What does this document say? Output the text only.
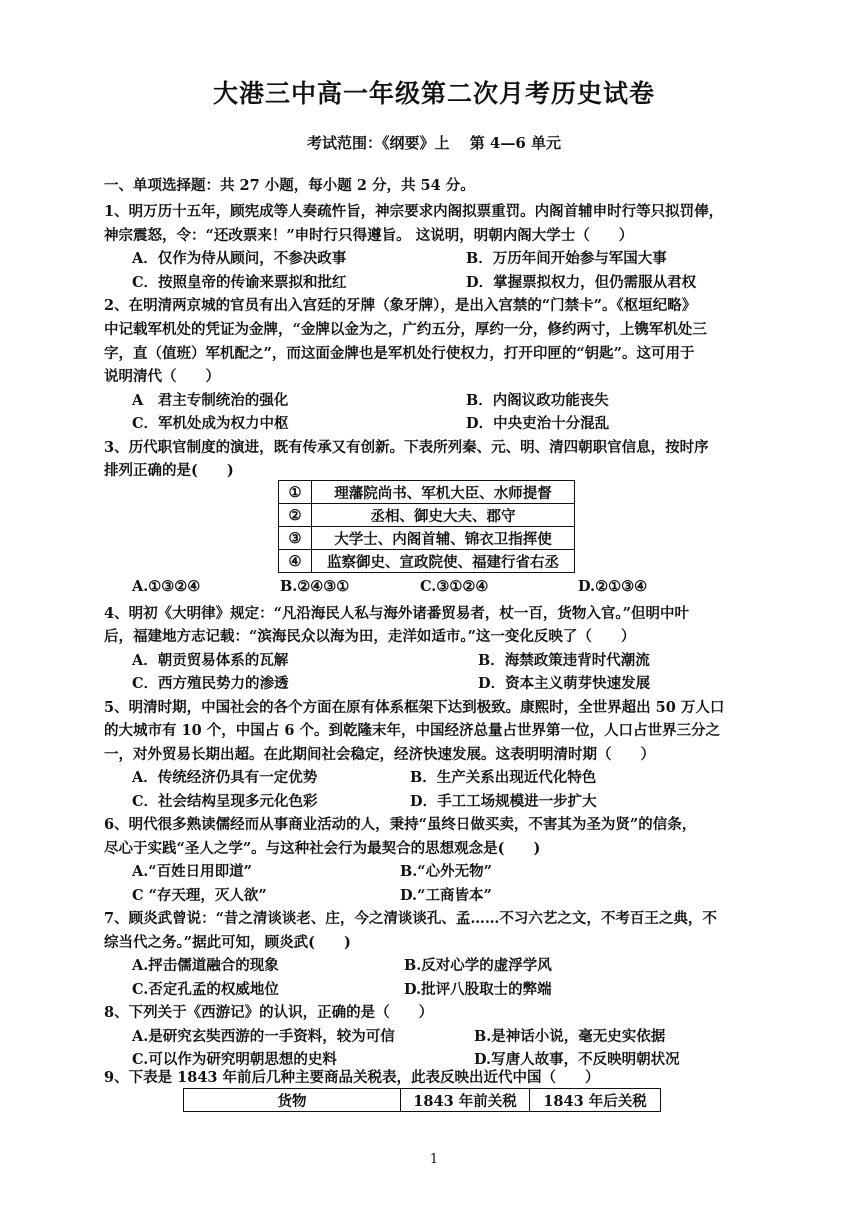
大港三中高一年级第二次月考历史试卷
考试范围：《纲要》上　 第 4—6 单元
一、单项选择题：共 27 小题，每小题 2 分，共 54 分。
1、明万历十五年，顾宪成等人奏疏忤旨，神宗要求内阁拟票重罚。内阁首辅申时行等只拟罚俸，
神宗震怒，令：“还改票来！”申时行只得遵旨。 这说明，明朝内阁大学士（　　）
A．仅作为侍从顾问，不参决政事	B．万历年间开始参与军国大事
C．按照皇帝的传谕来票拟和批红	D．掌握票拟权力，但仍需服从君权
2、在明清两京城的官员有出入宫廷的牙牌（象牙牌），是出入宫禁的“门禁卡”。《枢垣纪略》
中记载军机处的凭证为金牌，“金牌以金为之，广约五分，厚约一分，修约两寸，上镌军机处三
字，直（值班）军机配之”，而这面金牌也是军机处行使权力，打开印匣的“钥匙”。这可用于
说明清代（　　）
A　君主专制统治的强化	B．内阁议政功能丧失
C．军机处成为权力中枢	D．中央吏治十分混乱
3、历代职官制度的演进，既有传承又有创新。下表所列秦、元、明、清四朝职官信息，按时序
排列正确的是(　　)
①	理藩院尚书、军机大臣、水师提督
②	丞相、御史大夫、郡守
③	大学士、内阁首辅、锦衣卫指挥使
④	监察御史、宣政院使、福建行省右丞
A.①③②④	B.②④③①	C.③①②④	D.②①③④
4、明初《大明律》规定：“凡沿海民人私与海外诸番贸易者，杖一百，货物入官。”但明中叶
后，福建地方志记载：“滨海民众以海为田，走洋如适市。”这一变化反映了（　　）
A．朝贡贸易体系的瓦解	B．海禁政策违背时代潮流
C．西方殖民势力的渗透	D．资本主义萌芽快速发展
5、明清时期，中国社会的各个方面在原有体系框架下达到极致。康熙时，全世界超出 50 万人口
的大城市有 10 个，中国占 6 个。到乾隆末年，中国经济总量占世界第一位，人口占世界三分之
一，对外贸易长期出超。在此期间社会稳定，经济快速发展。这表明明清时期（　　）
A．传统经济仍具有一定优势	B．生产关系出现近代化特色
C．社会结构呈现多元化色彩	D．手工工场规模进一步扩大
6、明代很多熟读儒经而从事商业活动的人，秉持“虽终日做买卖，不害其为圣为贤”的信条，
尽心于实践“圣人之学”。与这种社会行为最契合的思想观念是(　　)
A.“百姓日用即道”	B.“心外无物”
C “存天理，灭人欲”	D.“工商皆本”
7、顾炎武曾说：“昔之清谈谈老、庄，今之清谈谈孔、孟……不习六艺之文，不考百王之典，不
综当代之务。”据此可知，顾炎武(　　)
A.抨击儒道融合的现象	B.反对心学的虚浮学风
C.否定孔孟的权威地位	D.批评八股取士的弊端
8、下列关于《西游记》的认识，正确的是（　　）
A.是研究玄奘西游的一手资料，较为可信	B.是神话小说，毫无史实依据
C.可以作为研究明朝思想的史料	D.写唐人故事，不反映明朝状况
9、下表是 1843 年前后几种主要商品关税表，此表反映出近代中国（　　）
货物	1843 年前关税	1843 年后关税
1
